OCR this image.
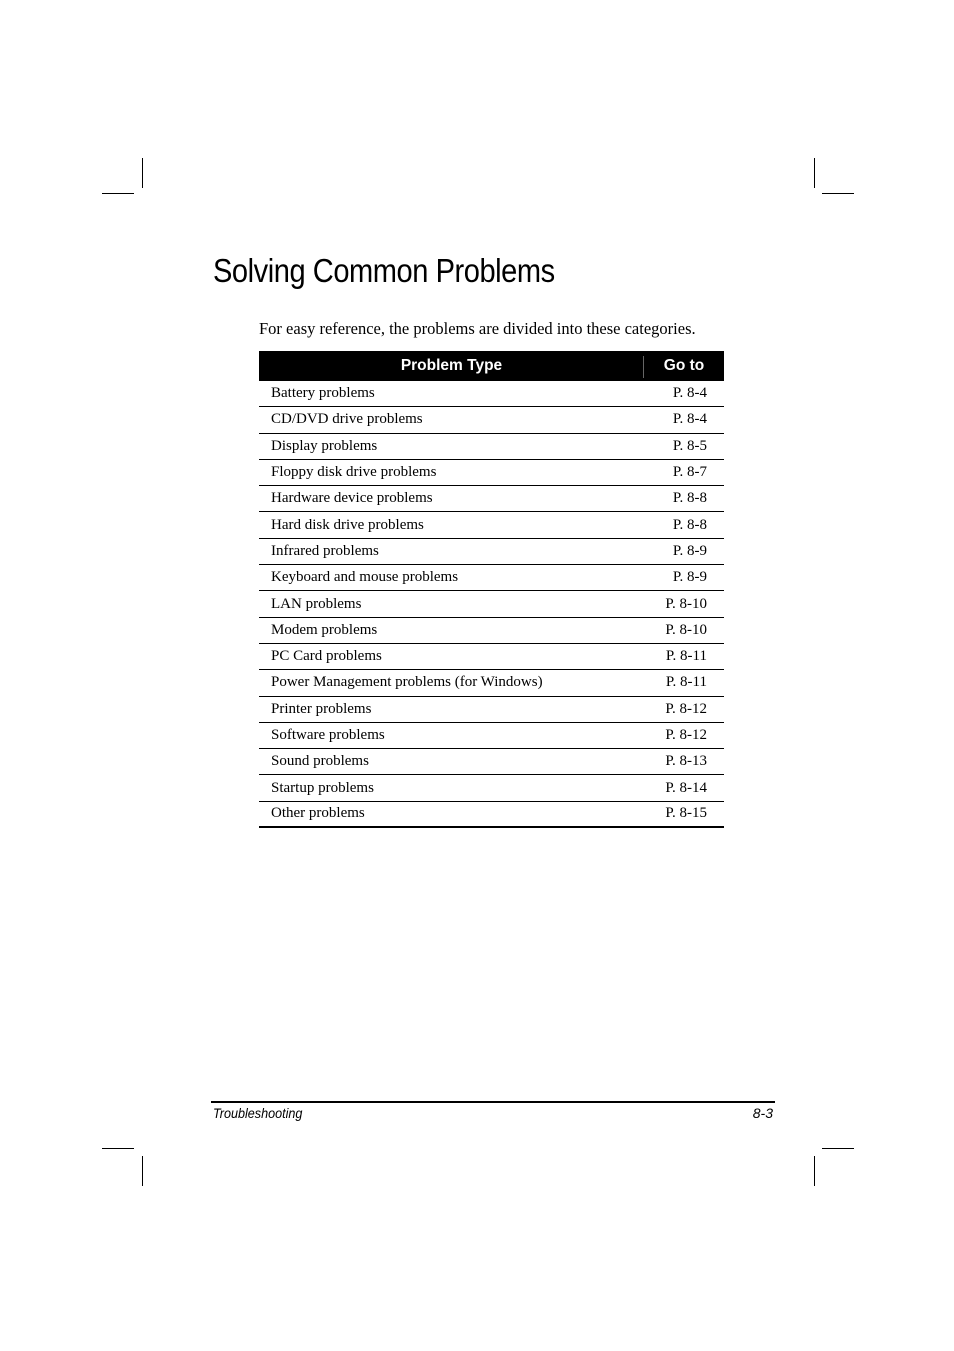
Solving Common Problems
For easy reference, the problems are divided into these categories.
Problem Type	Go to
Battery problems	P. 8-4
CD/DVD drive problems	P. 8-4
Display problems	P. 8-5
Floppy disk drive problems	P. 8-7
Hardware device problems	P. 8-8
Hard disk drive problems	P. 8-8
Infrared problems	P. 8-9
Keyboard and mouse problems	P. 8-9
LAN problems	P. 8-10
Modem problems	P. 8-10
PC Card problems	P. 8-11
Power Management problems (for Windows)	P. 8-11
Printer problems	P. 8-12
Software problems	P. 8-12
Sound problems	P. 8-13
Startup problems	P. 8-14
Other problems	P. 8-15
Troubleshooting	8-3
